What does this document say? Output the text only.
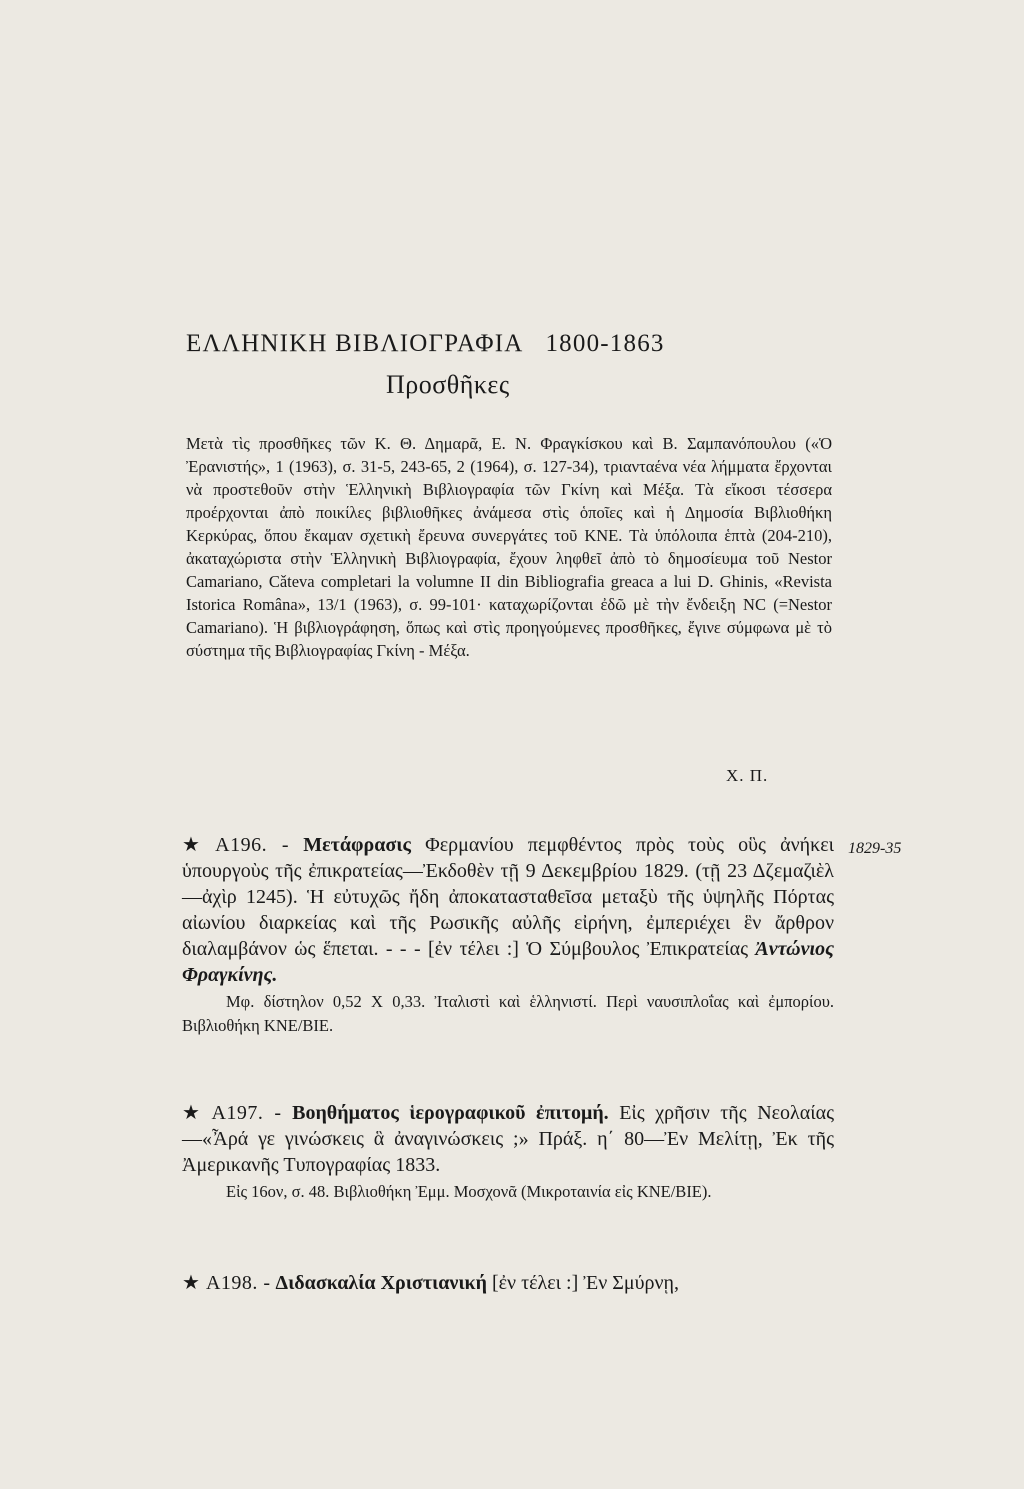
ΕΛΛΗΝΙΚΗ ΒΙΒΛΙΟΓΡΑΦΙΑ 1800-1863
Προσθῆκες
Μετὰ τὶς προσθῆκες τῶν Κ. Θ. Δημαρᾶ, Ε. Ν. Φραγκίσκου καὶ Β. Σαμπανόπουλου («Ὁ Ἐρανιστής», 1 (1963), σ. 31-5, 243-65, 2 (1964), σ. 127-34), τριανταένα νέα λήμματα ἔρχονται νὰ προστεθοῦν στὴν Ἑλληνικὴ Βιβλιογραφία τῶν Γκίνη καὶ Μέξα. Τὰ εἴκοσι τέσσερα προέρχονται ἀπὸ ποικίλες βιβλιοθῆκες ἀνάμεσα στὶς ὁποῖες καὶ ἡ Δημοσία Βιβλιοθήκη Κερκύρας, ὅπου ἔκαμαν σχετικὴ ἔρευνα συνεργάτες τοῦ ΚΝΕ. Τὰ ὑπόλοιπα ἑπτὰ (204-210), ἀκαταχώριστα στὴν Ἑλληνικὴ Βιβλιογραφία, ἔχουν ληφθεῖ ἀπὸ τὸ δημοσίευμα τοῦ Nestor Camariano, Cǎteva completari la volumne II din Bibliografia greaca a lui D. Ghinis, «Revista Istorica Româna», 13/1 (1963), σ. 99-101· καταχωρίζονται ἐδῶ μὲ τὴν ἔνδειξη NC (=Nestor Camariano). Ἡ βιβλιογράφηση, ὅπως καὶ στὶς προηγούμενες προσθῆκες, ἔγινε σύμφωνα μὲ τὸ σύστημα τῆς Βιβλιογραφίας Γκίνη - Μέξα.
Χ. Π.
1829-35
★ Α196. - Μετάφρασις Φερμανίου πεμφθέντος πρὸς τοὺς οὓς ἀνήκει ὑπουργοὺς τῆς ἐπικρατείας—Ἐκδοθὲν τῇ 9 Δεκεμβρίου 1829. (τῇ 23 Δζεμαζιὲλ—ἀχὶρ 1245). Ἡ εὐτυχῶς ἤδη ἀποκατασταθεῖσα μεταξὺ τῆς ὑψηλῆς Πόρτας αἰωνίου διαρκείας καὶ τῆς Ρωσικῆς αὐλῆς εἰρήνη, ἐμπεριέχει ἓν ἄρθρον διαλαμβάνον ὡς ἕπεται. - - - [ἐν τέλει :] Ὁ Σύμβουλος Ἐπικρατείας Ἀντώνιος Φραγκίνης.
Μφ. δίστηλον 0,52 Χ 0,33. Ἰταλιστὶ καὶ ἑλληνιστί. Περὶ ναυσιπλοΐας καὶ ἐμπορίου. Βιβλιοθήκη ΚΝΕ/ΒΙΕ.
★ Α197. - Βοηθήματος ἱερογραφικοῦ ἐπιτομή. Εἰς χρῆσιν τῆς Νεολαίας—«Ἆρά γε γινώσκεις ἃ ἀναγινώσκεις ;» Πράξ. η΄ 80—Ἐν Μελίτῃ, Ἐκ τῆς Ἀμερικανῆς Τυπογραφίας 1833.
Εἰς 16ον, σ. 48. Βιβλιοθήκη Ἐμμ. Μοσχονᾶ (Μικροταινία εἰς ΚΝΕ/ΒΙΕ).
★ Α198. - Διδασκαλία Χριστιανική [ἐν τέλει :] Ἐν Σμύρνῃ,
